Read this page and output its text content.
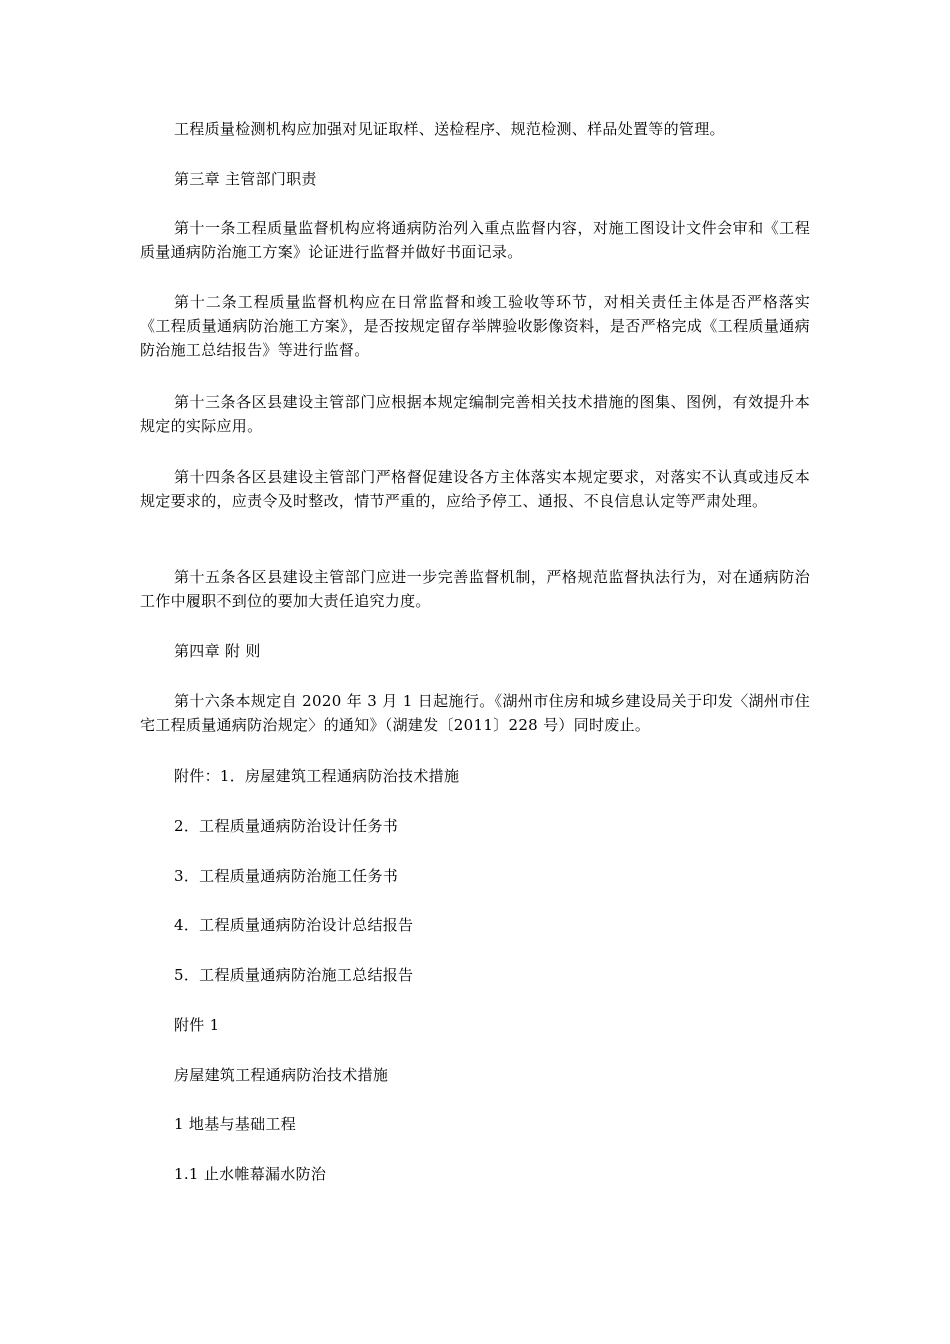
工程质量检测机构应加强对见证取样、送检程序、规范检测、样品处置等的管理。

第三章 主管部门职责

第十一条工程质量监督机构应将通病防治列入重点监督内容，对施工图设计文件会审和《工程质量通病防治施工方案》论证进行监督并做好书面记录。

第十二条工程质量监督机构应在日常监督和竣工验收等环节，对相关责任主体是否严格落实《工程质量通病防治施工方案》，是否按规定留存举牌验收影像资料，是否严格完成《工程质量通病防治施工总结报告》等进行监督。

第十三条各区县建设主管部门应根据本规定编制完善相关技术措施的图集、图例，有效提升本规定的实际应用。

第十四条各区县建设主管部门严格督促建设各方主体落实本规定要求，对落实不认真或违反本规定要求的，应责令及时整改，情节严重的，应给予停工、通报、不良信息认定等严肃处理。

第十五条各区县建设主管部门应进一步完善监督机制，严格规范监督执法行为，对在通病防治工作中履职不到位的要加大责任追究力度。

第四章 附 则

第十六条本规定自 2020 年 3 月 1 日起施行。《湖州市住房和城乡建设局关于印发〈湖州市住宅工程质量通病防治规定〉的通知》（湖建发〔2011〕228 号）同时废止。

附件：1．房屋建筑工程通病防治技术措施

2．工程质量通病防治设计任务书

3．工程质量通病防治施工任务书

4．工程质量通病防治设计总结报告

5．工程质量通病防治施工总结报告

附件 1

房屋建筑工程通病防治技术措施

1 地基与基础工程

1.1 止水帷幕漏水防治
